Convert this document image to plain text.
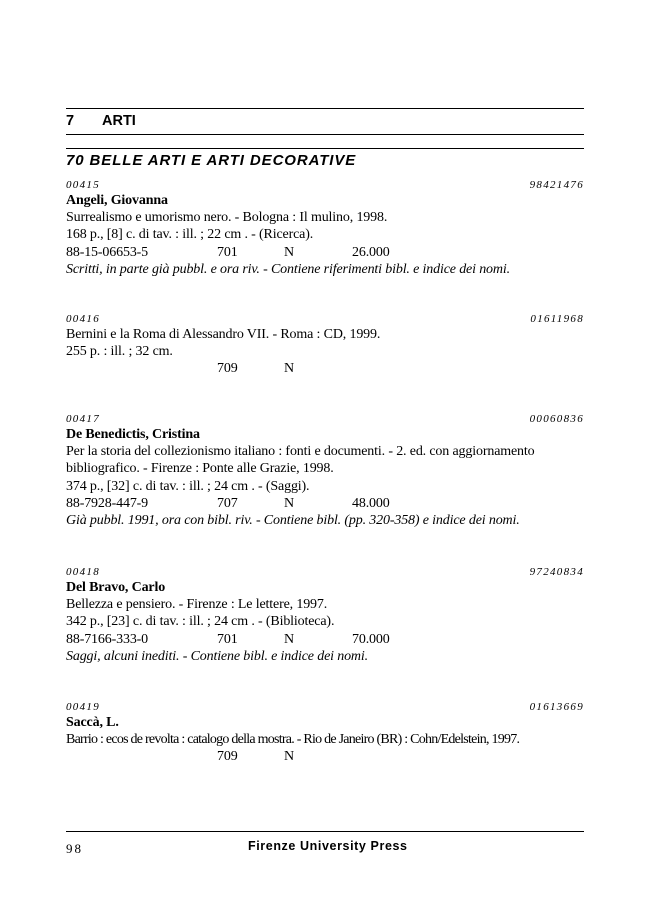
7 ARTI
70 BELLE ARTI E ARTI DECORATIVE
00415	98421476
Angeli, Giovanna
Surrealismo e umorismo nero. - Bologna : Il mulino, 1998.
168 p., [8] c. di tav. : ill. ; 22 cm . - (Ricerca).
88-15-06653-5	701	N	26.000
Scritti, in parte già pubbl. e ora riv. - Contiene riferimenti bibl. e indice dei nomi.
00416	01611968
Bernini e la Roma di Alessandro VII. - Roma : CD, 1999.
255 p. : ill. ; 32 cm.
709	N
00417	00060836
De Benedictis, Cristina
Per la storia del collezionismo italiano : fonti e documenti. - 2. ed. con aggiornamento
bibliografico. - Firenze : Ponte alle Grazie, 1998.
374 p., [32] c. di tav. : ill. ; 24 cm . - (Saggi).
88-7928-447-9	707	N	48.000
Già pubbl. 1991, ora con bibl. riv. - Contiene bibl. (pp. 320-358) e indice dei nomi.
00418	97240834
Del Bravo, Carlo
Bellezza e pensiero. - Firenze : Le lettere, 1997.
342 p., [23] c. di tav. : ill. ; 24 cm . - (Biblioteca).
88-7166-333-0	701	N	70.000
Saggi, alcuni inediti. - Contiene bibl. e indice dei nomi.
00419	01613669
Saccà, L.
Barrio : ecos de revolta : catalogo della mostra. - Rio de Janeiro (BR) : Cohn/Edelstein, 1997.
709	N
98	Firenze University Press
